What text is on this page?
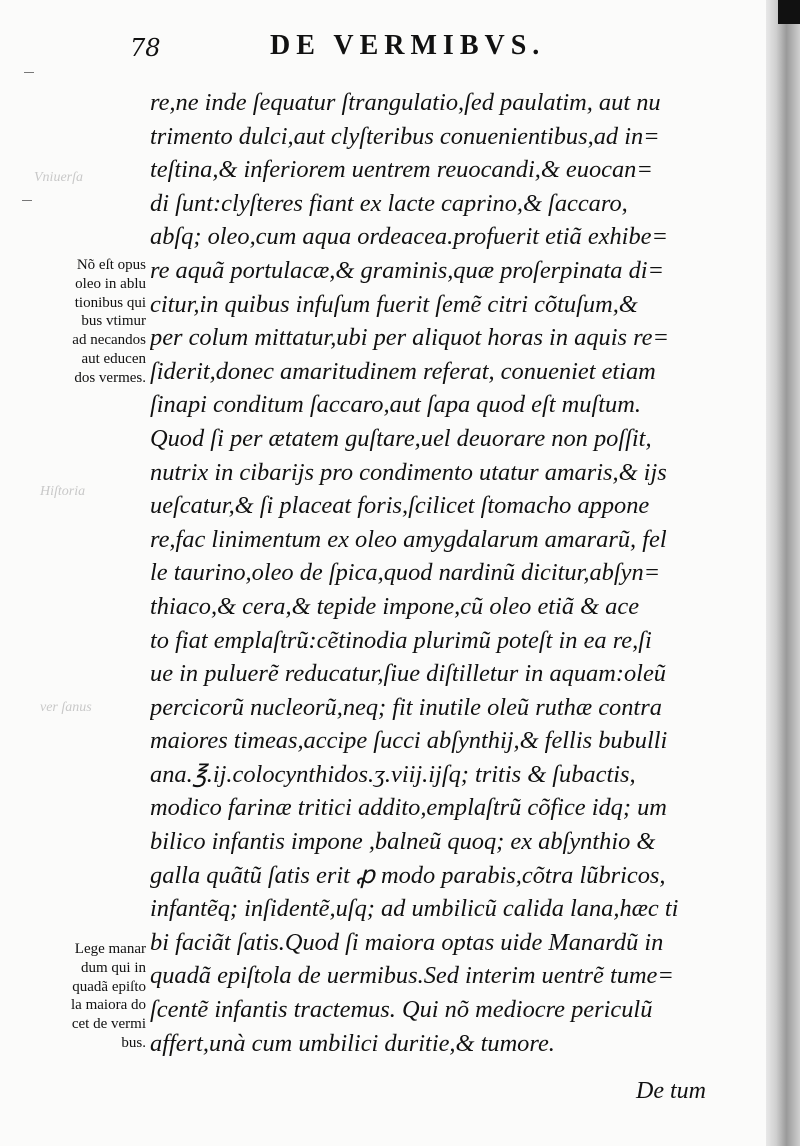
Vniuerſa
Hiſtoria
ver ſanus
78	DE VERMIBVS.
re,ne inde ſequatur ſtrangulatio,ſed paulatim, aut nu
trimento dulci,aut clyſteribus conuenientibus,ad in=
teſtina,& inferiorem uentrem reuocandi,& euocan=
di ſunt:clyſteres fiant ex lacte caprino,& ſaccaro,
abſq; oleo,cum aqua ordeacea.profuerit etiã exhibe=
re aquã portulacæ,& graminis,quæ proſerpinata di=
citur,in quibus infuſum fuerit ſemẽ citri cõtuſum,&
per colum mittatur,ubi per aliquot horas in aquis re=
ſiderit,donec amaritudinem referat, conueniet etiam
ſinapi conditum ſaccaro,aut ſapa quod eſt muſtum.
Quod ſi per ætatem guſtare,uel deuorare non poſſit,
nutrix in cibarijs pro condimento utatur amaris,& ijs
ueſcatur,& ſi placeat foris,ſcilicet ſtomacho appone
re,fac linimentum ex oleo amygdalarum amararũ, fel
le taurino,oleo de ſpica,quod nardinũ dicitur,abſyn=
thiaco,& cera,& tepide impone,cũ oleo etiã & ace
to fiat emplaſtrũ:cẽtinodia plurimũ poteſt in ea re,ſi
ue in puluerẽ reducatur,ſiue diſtilletur in aquam:oleũ
percicorũ nucleorũ,neq; fit inutile oleũ ruthæ contra
maiores timeas,accipe ſucci abſynthij,& fellis bubulli
ana.℥.ij.colocynthidos.ʒ.viij.ijſq; tritis & ſubactis,
modico farinæ tritici addito,emplaſtrũ cõfice idq; um
bilico infantis impone ,balneũ quoq; ex abſynthio &
galla quãtũ ſatis erit ꝓ modo parabis,cõtra lũbricos,
infantẽq; inſidentẽ,uſq; ad umbilicũ calida lana,hæc ti
bi faciãt ſatis.Quod ſi maiora optas uide Manardũ in
quadã epiſtola de uermibus.Sed interim uentrẽ tume=
ſcentẽ infantis tractemus. Qui nõ mediocre periculũ
affert,unà cum umbilici duritie,& tumore.
Nõ eſt opus
oleo in ablu
tionibus qui
bus vtimur
ad necandos
aut educen
dos vermes.
Lege manar
dum qui in
quadã epiſto
la maiora do
cet de vermi
bus.
De tum
